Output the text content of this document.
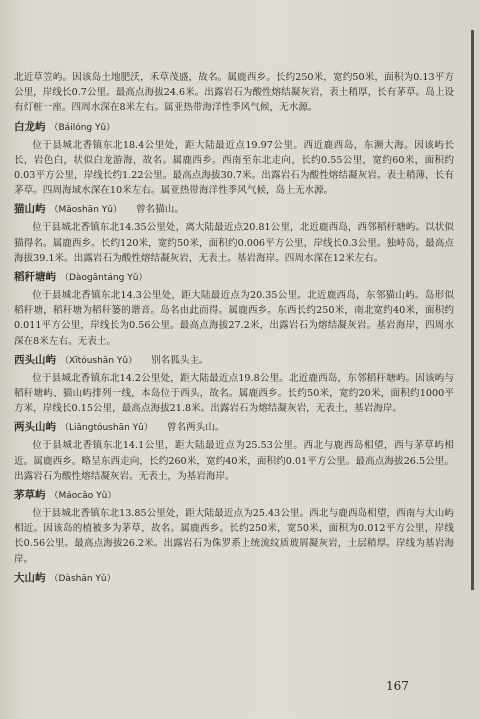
北近草笠屿。因该岛土地肥沃，禾草茂盛，故名。属鹿西乡。长约250米，宽约50米，面积为0.13平方公里，岸线长0.7公里。最高点海拔24.6米。出露岩石为酸性熔结凝灰岩，表土稍厚，长有茅草。岛上设有灯桩一座。四周水深在8米左右。属亚热带海洋性季风气候，无水源。

白龙屿 （Báilóng Yǔ）

位于县城北香镇东北18.4公里处，距大陆最近点19.97公里。西近鹿西岛，东濒大海。因该屿长长，岩色白，状似白龙游海，故名。属鹿西乡。西南至东北走向，长约0.55公里，宽约60米，面积约0.03平方公里，岸线长约1.22公里。最高点海拔30.7米。出露岩石为酸性熔结凝灰岩。表土稍薄，长有茅草。四周海域水深在10米左右。属亚热带海洋性季风气候，岛上无水源。

猫山屿 （Māoshān Yǔ） 曾名猫山。

位于县城北香镇东北14.35公里处，离大陆最近点20.81公里，北近鹿西岛，西邻稻杆塘屿。以状似猫得名。属鹿西乡。长约120米，宽约50米，面积约0.006平方公里，岸线长0.3公里。独峙岛，最高点海拔39.1米。出露岩石为酸性熔结凝灰岩，无表土。基岩海岸。四周水深在12米左右。

稻秆塘屿 （Dàogǎntáng Yǔ）

位于县城北香镇东北14.3公里处，距大陆最近点为20.35公里。北近鹿西岛，东邻猫山屿。岛形似稻秆塘，稻秆塘为稻秆篓的谐音。岛名由此而得。属鹿西乡。东西长约250米，南北宽约40米，面积约0.011平方公里，岸线长为0.56公里。最高点海拔27.2米，出露岩石为熔结凝灰岩。基岩海岸，四周水深在8米左右。无表土。

西头山屿 （Xītóushān Yǔ） 别名狐头主。

位于县城北香镇东北14.2公里处，距大陆最近点19.8公里。北近鹿西岛，东邻稻秆塘屿。因该屿与稻秆塘屿、猫山屿排列一线，本岛位于西头，故名。属鹿西乡。长约50米，宽约20米，面积约1000平方米，岸线长0.15公里，最高点海拔21.8米。出露岩石为熔结凝灰岩，无表土，基岩海岸。

两头山屿 （Liǎngtóushān Yǔ） 曾名两头山。

位于县城北香镇东北14.1公里，距大陆最近点为25.53公里。西北与鹿西岛相望，西与茅草屿相近。属鹿西乡。略呈东西走向，长约260米，宽约40米，面积约0.01平方公里。最高点海拔26.5公里。出露岩石为酸性熔结凝灰岩。无表土，为基岩海岸。

茅草屿 （Máocǎo Yǔ）

位于县城北香镇东北13.85公里处，距大陆最近点为25.43公里。西北与鹿西岛相望，西南与大山屿相近。因该岛的植被多为茅草，故名。属鹿西乡。长约250米，宽50米，面积为0.012平方公里，岸线长0.56公里。最高点海拔26.2米。出露岩石为侏罗系上统流纹质玻屑凝灰岩，土层稍厚。岸线为基岩海岸。

大山屿 （Dàshān Yǔ）
167
